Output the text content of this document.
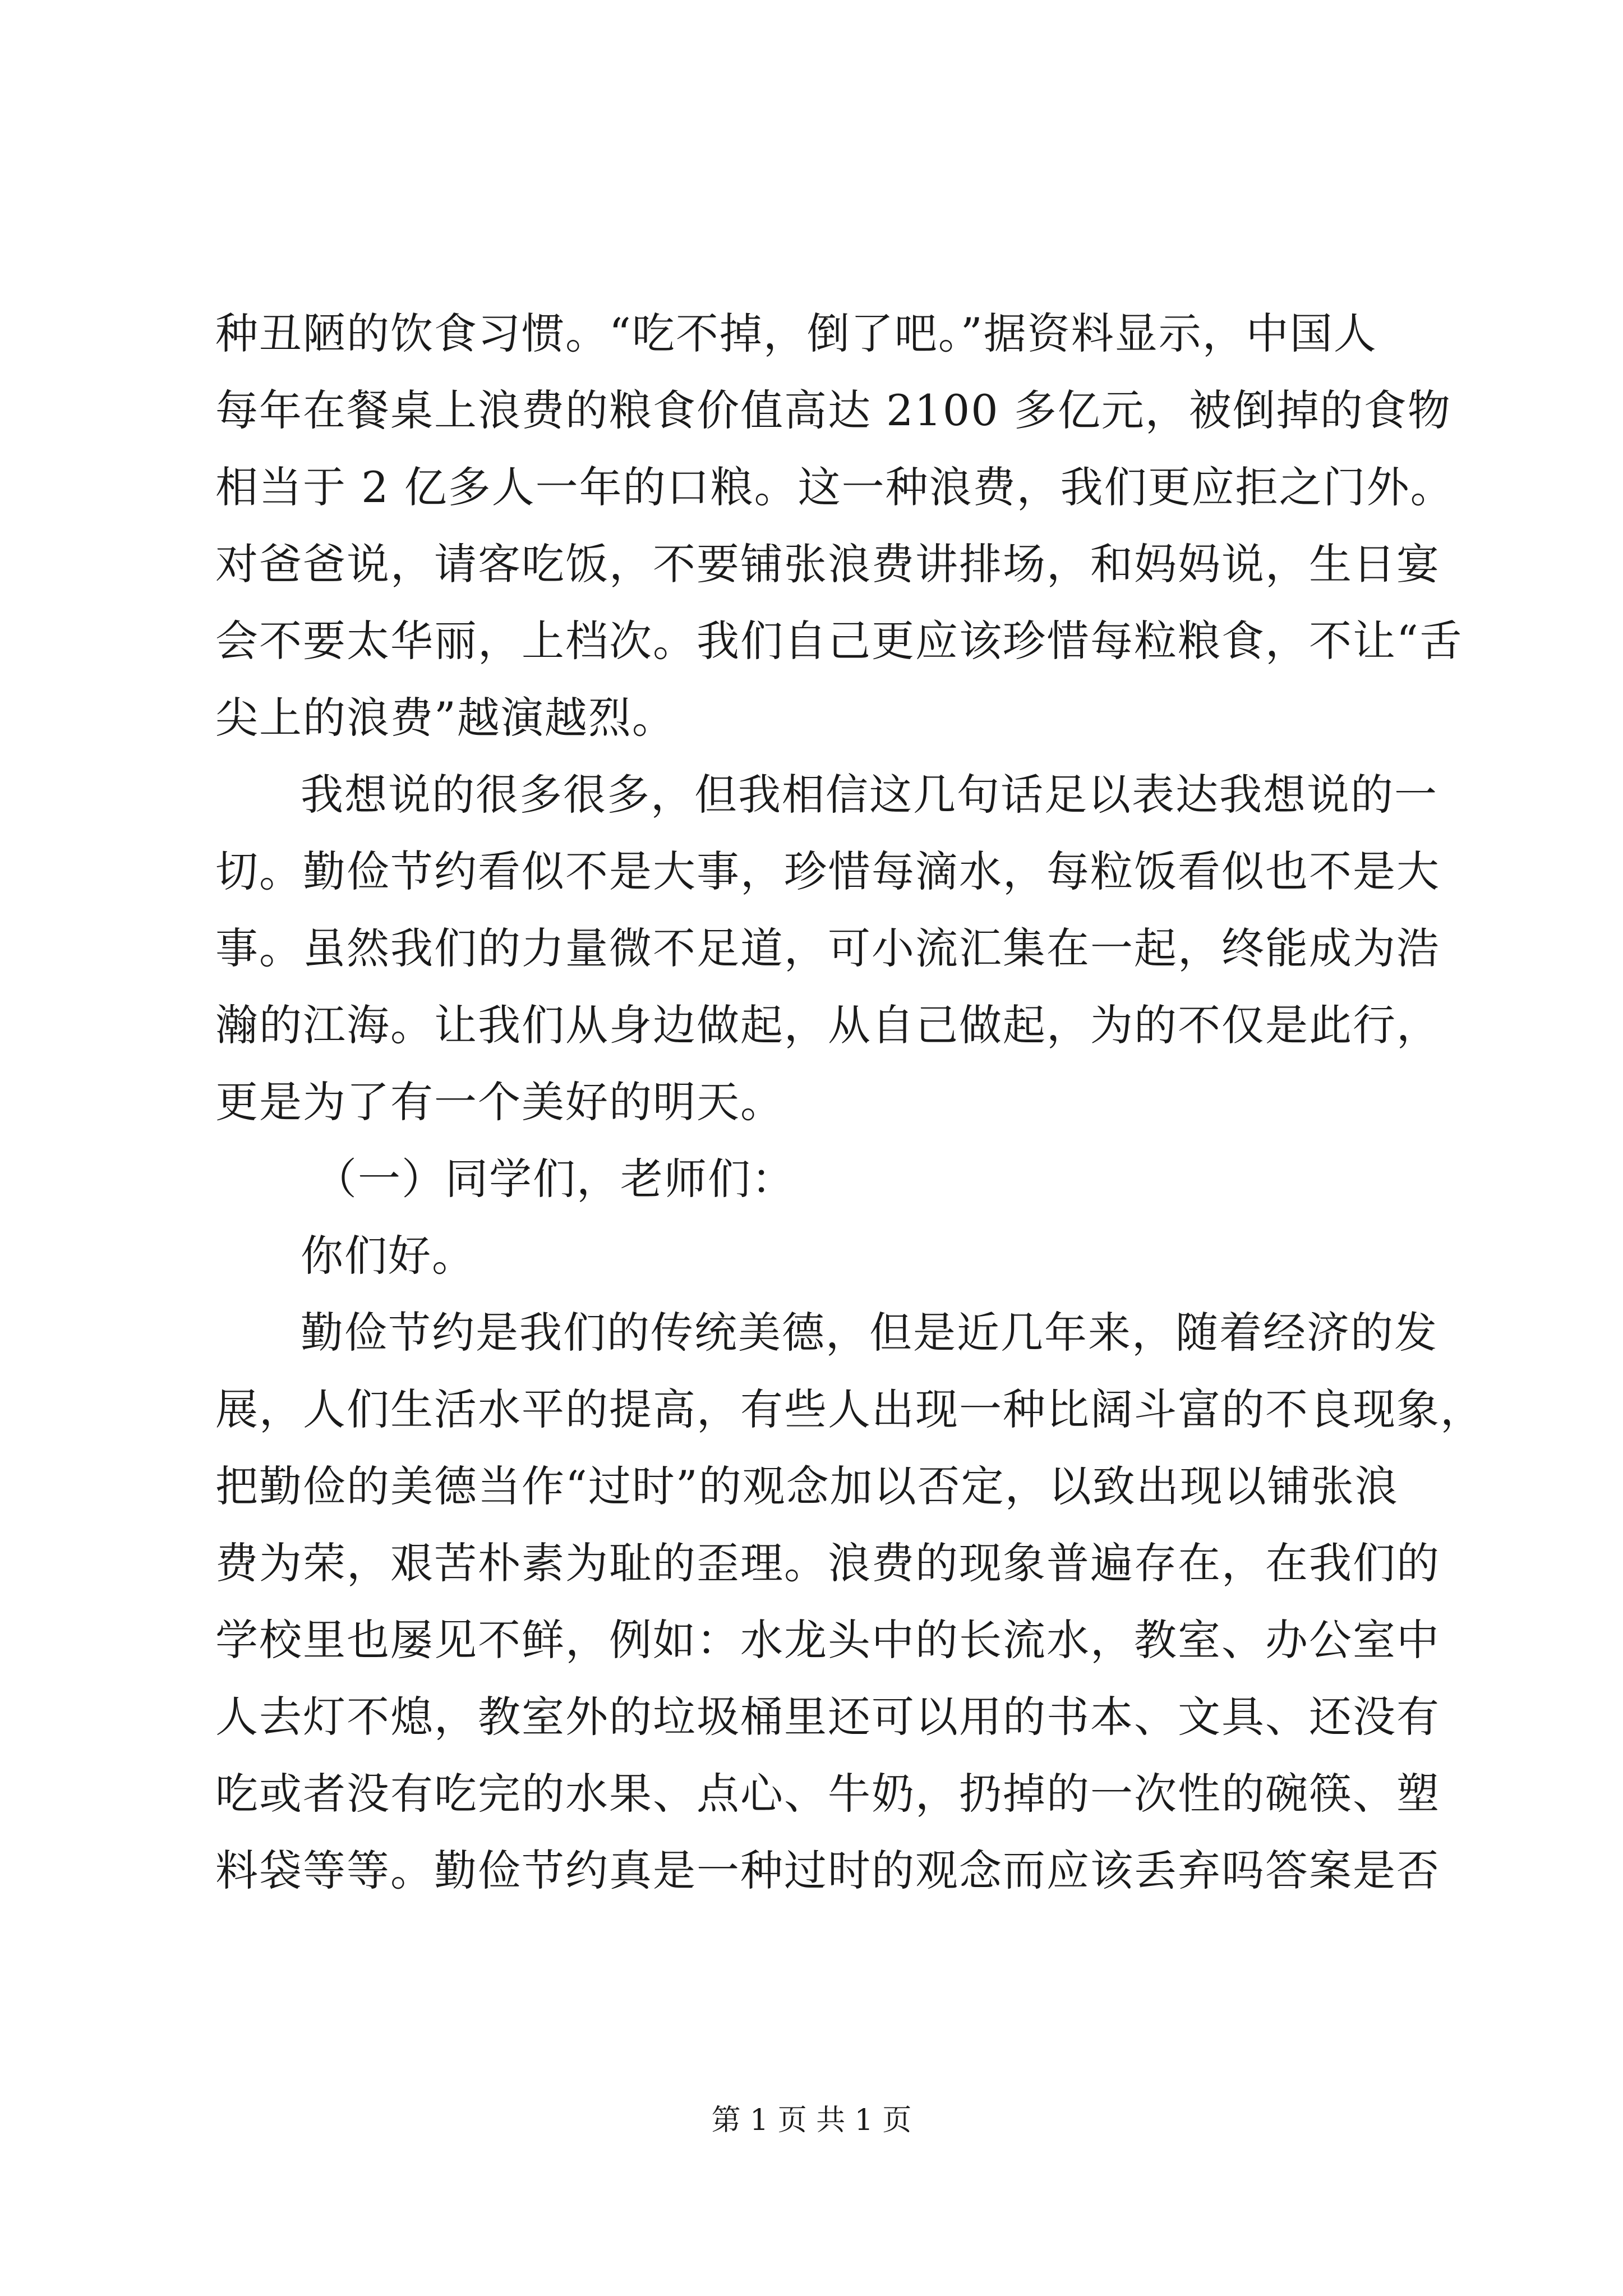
种丑陋的饮食习惯。“吃不掉，倒了吧。”据资料显示，中国人
每年在餐桌上浪费的粮食价值高达 2100 多亿元，被倒掉的食物
相当于 2 亿多人一年的口粮。这一种浪费，我们更应拒之门外。
对爸爸说，请客吃饭，不要铺张浪费讲排场，和妈妈说，生日宴
会不要太华丽，上档次。我们自己更应该珍惜每粒粮食，不让“舌
尖上的浪费”越演越烈。
我想说的很多很多，但我相信这几句话足以表达我想说的一
切。勤俭节约看似不是大事，珍惜每滴水，每粒饭看似也不是大
事。虽然我们的力量微不足道，可小流汇集在一起，终能成为浩
瀚的江海。让我们从身边做起，从自己做起，为的不仅是此行，
更是为了有一个美好的明天。
（一）同学们，老师们：
你们好。
勤俭节约是我们的传统美德，但是近几年来，随着经济的发
展，人们生活水平的提高，有些人出现一种比阔斗富的不良现象，
把勤俭的美德当作“过时”的观念加以否定，以致出现以铺张浪
费为荣，艰苦朴素为耻的歪理。浪费的现象普遍存在，在我们的
学校里也屡见不鲜，例如：水龙头中的长流水，教室、办公室中
人去灯不熄，教室外的垃圾桶里还可以用的书本、文具、还没有
吃或者没有吃完的水果、点心、牛奶，扔掉的一次性的碗筷、塑
料袋等等。勤俭节约真是一种过时的观念而应该丢弃吗答案是否
第 1 页 共 1 页
